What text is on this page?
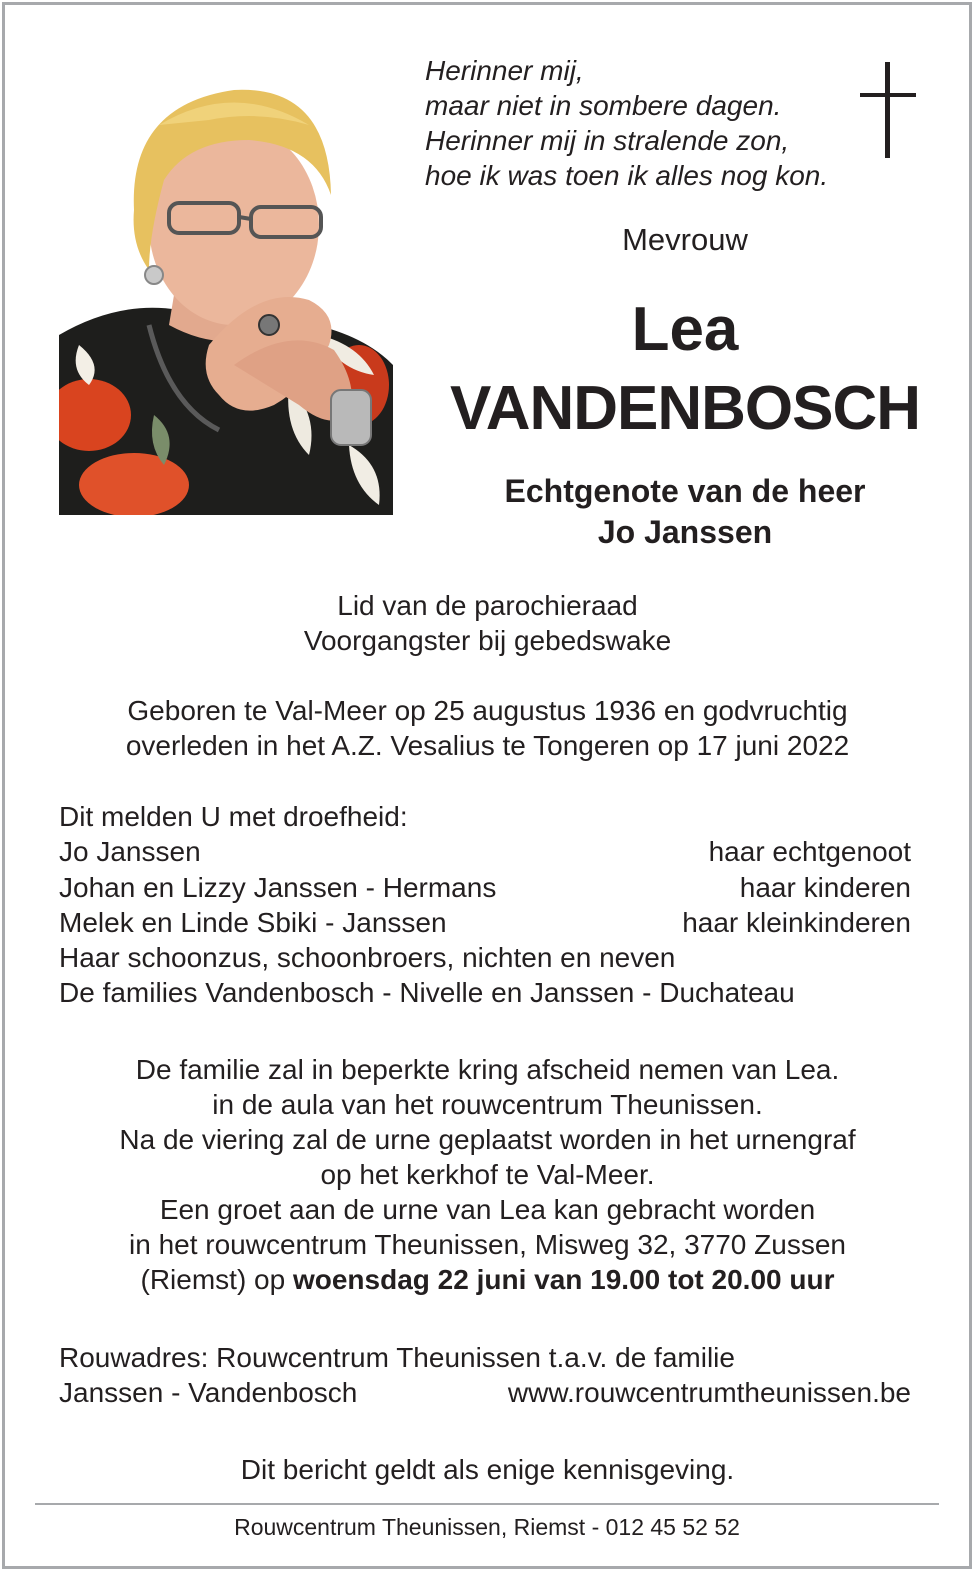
Herinner mij,
maar niet in sombere dagen.
Herinner mij in stralende zon,
hoe ik was toen ik alles nog kon.
Mevrouw
Lea
VANDENBOSCH
Echtgenote van de heer
Jo Janssen
Lid van de parochieraad
Voorgangster bij gebedswake
Geboren te Val-Meer op 25 augustus 1936 en godvruchtig
overleden in het A.Z. Vesalius te Tongeren op 17 juni 2022
Dit melden U met droefheid:
Jo Janssen	haar echtgenoot
Johan en Lizzy Janssen - Hermans	haar kinderen
Melek en Linde Sbiki - Janssen	haar kleinkinderen
Haar schoonzus, schoonbroers, nichten en neven
De families Vandenbosch - Nivelle en Janssen - Duchateau
De familie zal in beperkte kring afscheid nemen van Lea.
in de aula van het rouwcentrum Theunissen.
Na de viering zal de urne geplaatst worden in het urnengraf
op het kerkhof te Val-Meer.
Een groet aan de urne van Lea kan gebracht worden
in het rouwcentrum Theunissen, Misweg 32, 3770 Zussen
(Riemst) op woensdag 22 juni van 19.00 tot 20.00 uur
Rouwadres: Rouwcentrum Theunissen t.a.v. de familie
Janssen - Vandenbosch	www.rouwcentrumtheunissen.be
Dit bericht geldt als enige kennisgeving.
Rouwcentrum Theunissen, Riemst - 012 45 52 52
